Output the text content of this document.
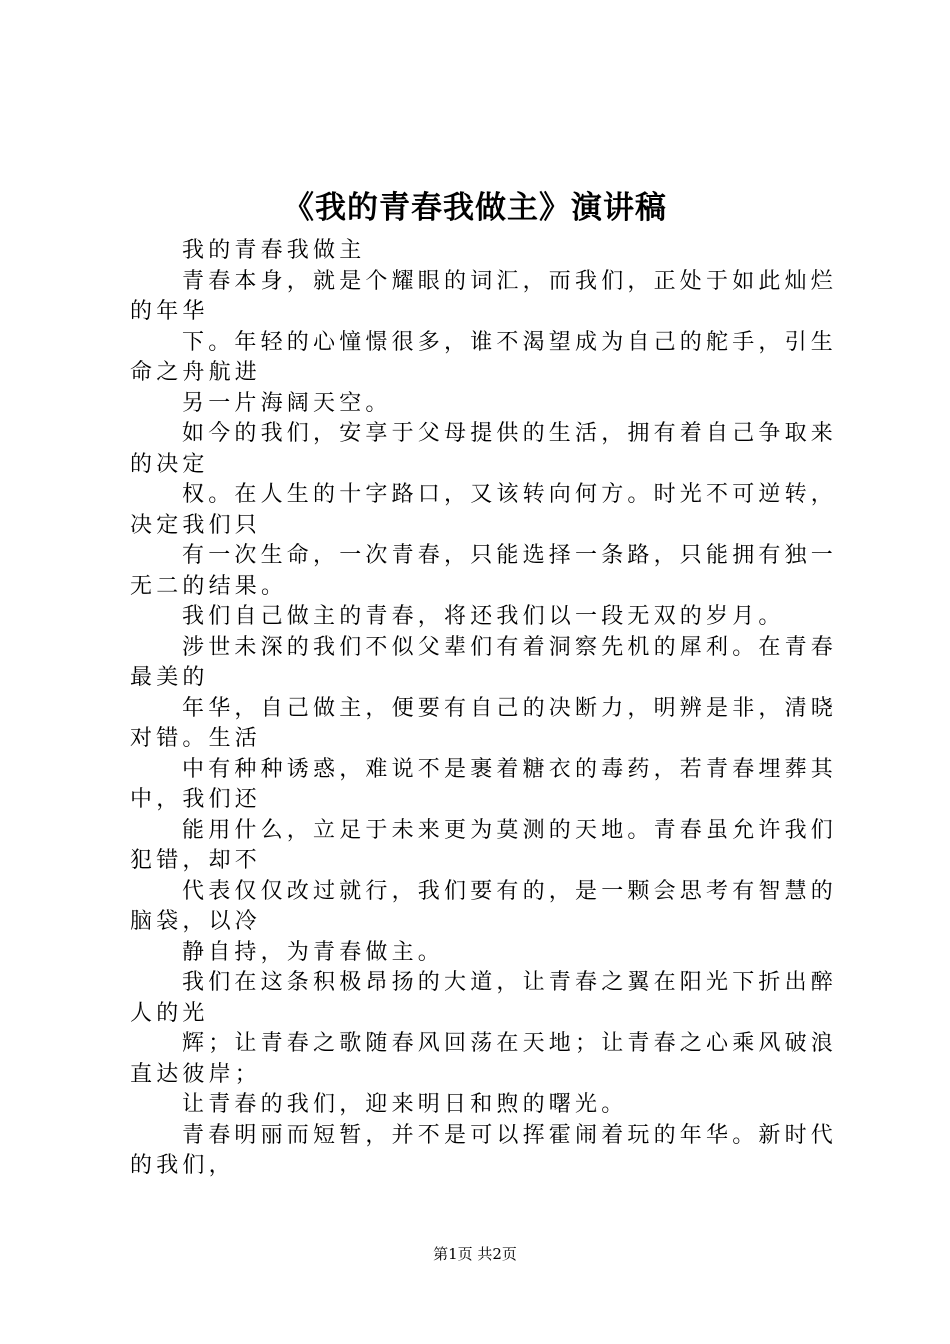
《我的青春我做主》演讲稿
我的青春我做主
青春本身，就是个耀眼的词汇，而我们，正处于如此灿烂
的年华
下。年轻的心憧憬很多，谁不渴望成为自己的舵手，引生
命之舟航进
另一片海阔天空。
如今的我们，安享于父母提供的生活，拥有着自己争取来
的决定
权。在人生的十字路口，又该转向何方。时光不可逆转，
决定我们只
有一次生命，一次青春，只能选择一条路，只能拥有独一
无二的结果。
我们自己做主的青春，将还我们以一段无双的岁月。
涉世未深的我们不似父辈们有着洞察先机的犀利。在青春
最美的
年华，自己做主，便要有自己的决断力，明辨是非，清晓
对错。生活
中有种种诱惑，难说不是裹着糖衣的毒药，若青春埋葬其
中，我们还
能用什么，立足于未来更为莫测的天地。青春虽允许我们
犯错，却不
代表仅仅改过就行，我们要有的，是一颗会思考有智慧的
脑袋，以冷
静自持，为青春做主。
我们在这条积极昂扬的大道，让青春之翼在阳光下折出醉
人的光
辉；让青春之歌随春风回荡在天地；让青春之心乘风破浪
直达彼岸；
让青春的我们，迎来明日和煦的曙光。
青春明丽而短暂，并不是可以挥霍闹着玩的年华。新时代
的我们，
第1页 共2页
